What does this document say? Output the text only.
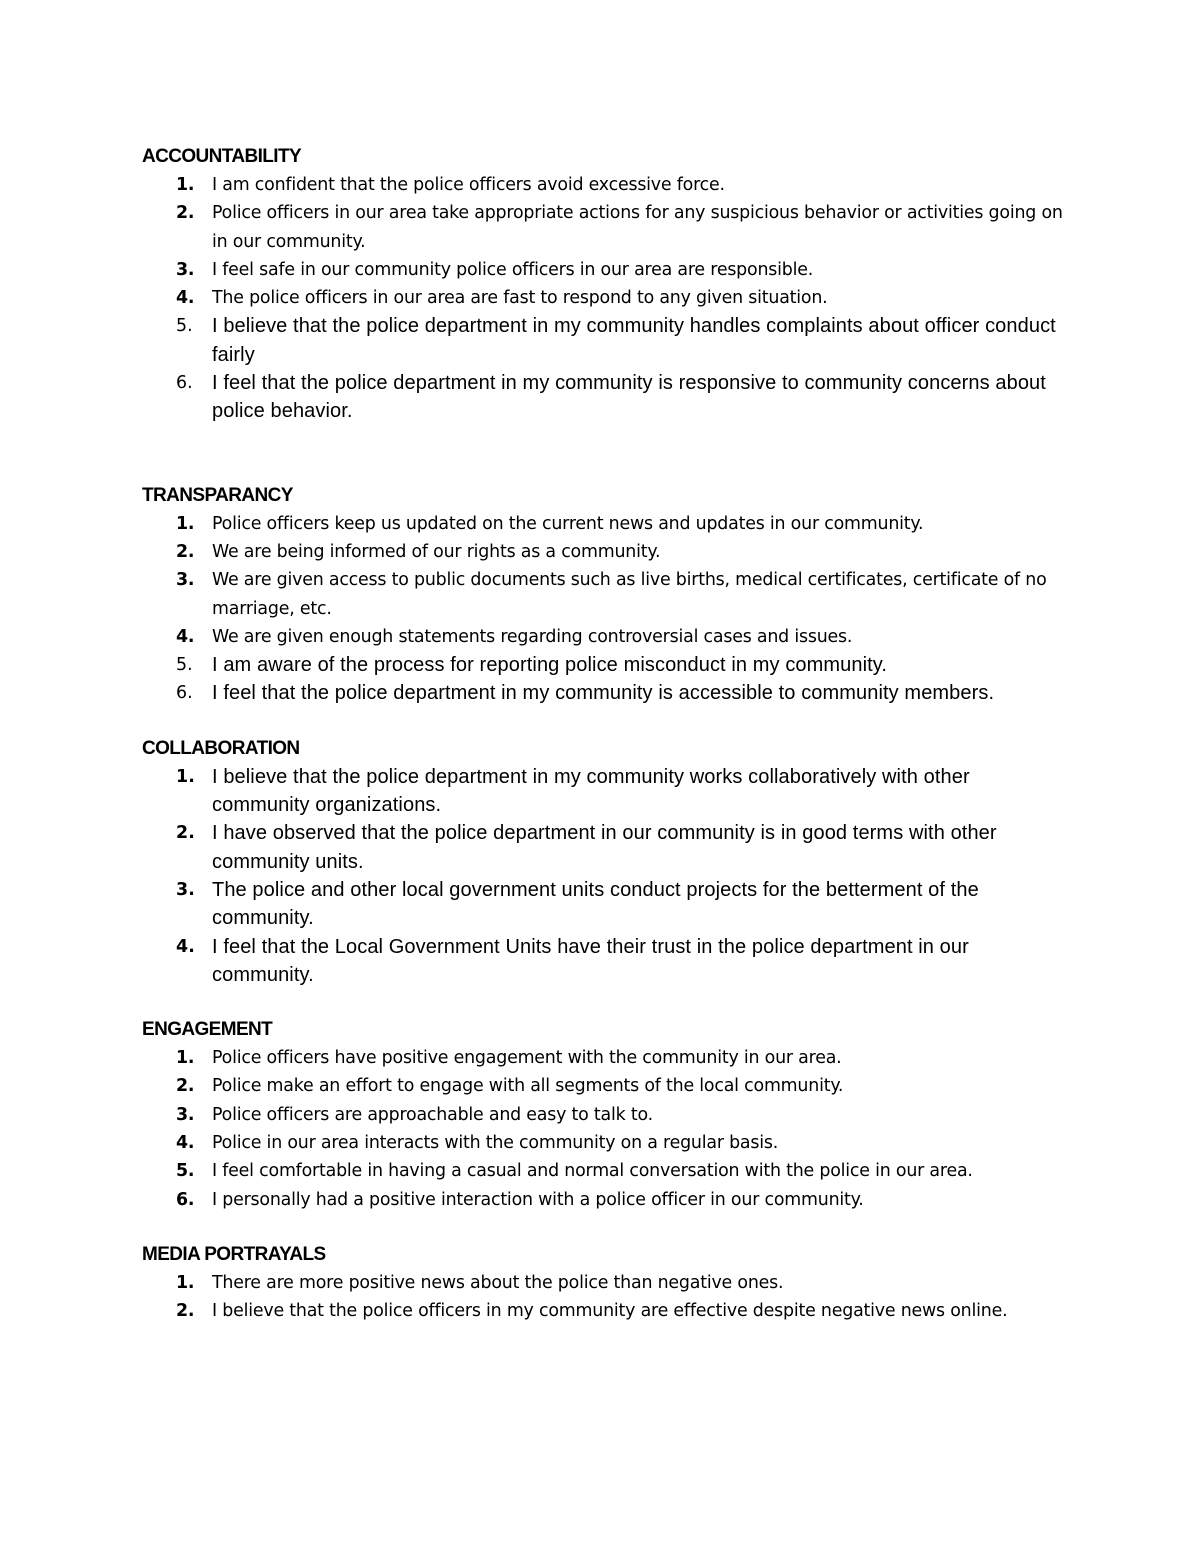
ACCOUNTABILITY
1. I am confident that the police officers avoid excessive force.
2. Police officers in our area take appropriate actions for any suspicious behavior or activities going on in our community.
3. I feel safe in our community police officers in our area are responsible.
4. The police officers in our area are fast to respond to any given situation.
5. I believe that the police department in my community handles complaints about officer conduct fairly
6. I feel that the police department in my community is responsive to community concerns about police behavior.
TRANSPARANCY
1. Police officers keep us updated on the current news and updates in our community.
2. We are being informed of our rights as a community.
3. We are given access to public documents such as live births, medical certificates, certificate of no marriage, etc.
4. We are given enough statements regarding controversial cases and issues.
5. I am aware of the process for reporting police misconduct in my community.
6. I feel that the police department in my community is accessible to community members.
COLLABORATION
1. I believe that the police department in my community works collaboratively with other community organizations.
2. I have observed that the police department in our community is in good terms with other community units.
3. The police and other local government units conduct projects for the betterment of the community.
4. I feel that the Local Government Units have their trust in the police department in our community.
ENGAGEMENT
1. Police officers have positive engagement with the community in our area.
2. Police make an effort to engage with all segments of the local community.
3. Police officers are approachable and easy to talk to.
4. Police in our area interacts with the community on a regular basis.
5. I feel comfortable in having a casual and normal conversation with the police in our area.
6. I personally had a positive interaction with a police officer in our community.
MEDIA PORTRAYALS
1. There are more positive news about the police than negative ones.
2. I believe that the police officers in my community are effective despite negative news online.
